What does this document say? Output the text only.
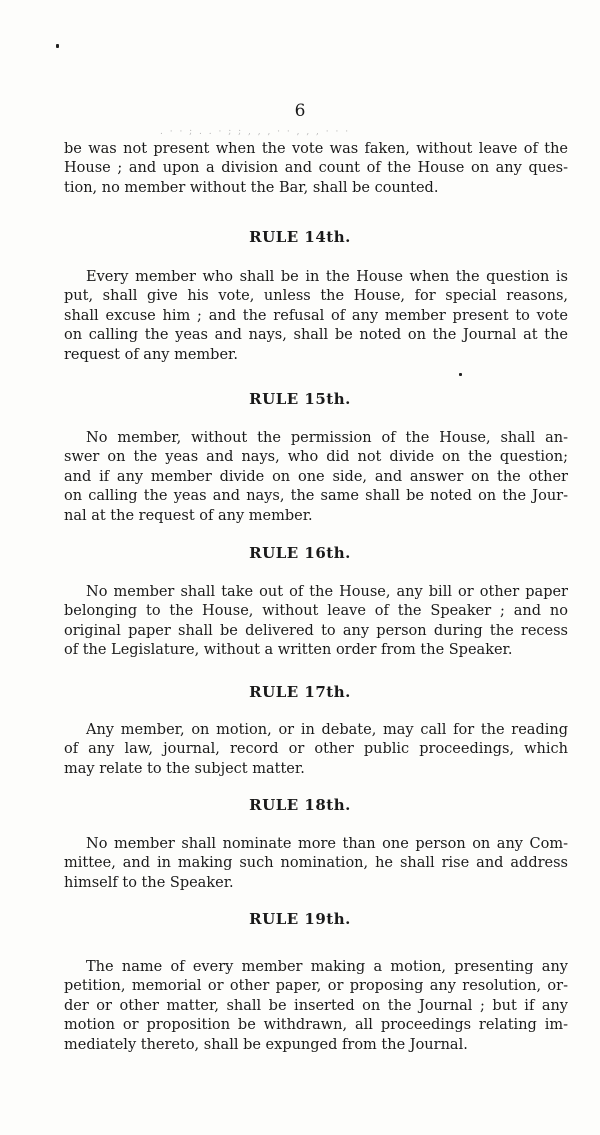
6
. · · ; . . · ; ; , , , · · , , , · · ·
be was not present when the vote was faken, without leave of the
House ; and upon a division and count of the House on any ques-
tion, no member without the Bar, shall be counted.
RULE 14th.
Every member who shall be in the House when the question is
put, shall give his vote, unless the House, for special reasons,
shall excuse him ; and the refusal of any member present to vote
on calling the yeas and nays, shall be noted on the Journal at the
request of any member.
RULE 15th.
No member, without the permission of the House, shall an-
swer on the yeas and nays, who did not divide on the question;
and if any member divide on one side, and answer on the other
on calling the yeas and nays, the same shall be noted on the Jour-
nal at the request of any member.
RULE 16th.
No member shall take out of the House, any bill or other paper
belonging to the House, without leave of the Speaker ; and no
original paper shall be delivered to any person during the recess
of the Legislature, without a written order from the Speaker.
RULE 17th.
Any member, on motion, or in debate, may call for the reading
of any law, journal, record or other public proceedings, which
may relate to the subject matter.
RULE 18th.
No member shall nominate more than one person on any Com-
mittee, and in making such nomination, he shall rise and address
himself to the Speaker.
RULE 19th.
The name of every member making a motion, presenting any
petition, memorial or other paper, or proposing any resolution, or-
der or other matter, shall be inserted on the Journal ; but if any
motion or proposition be withdrawn, all proceedings relating im-
mediately thereto, shall be expunged from the Journal.
